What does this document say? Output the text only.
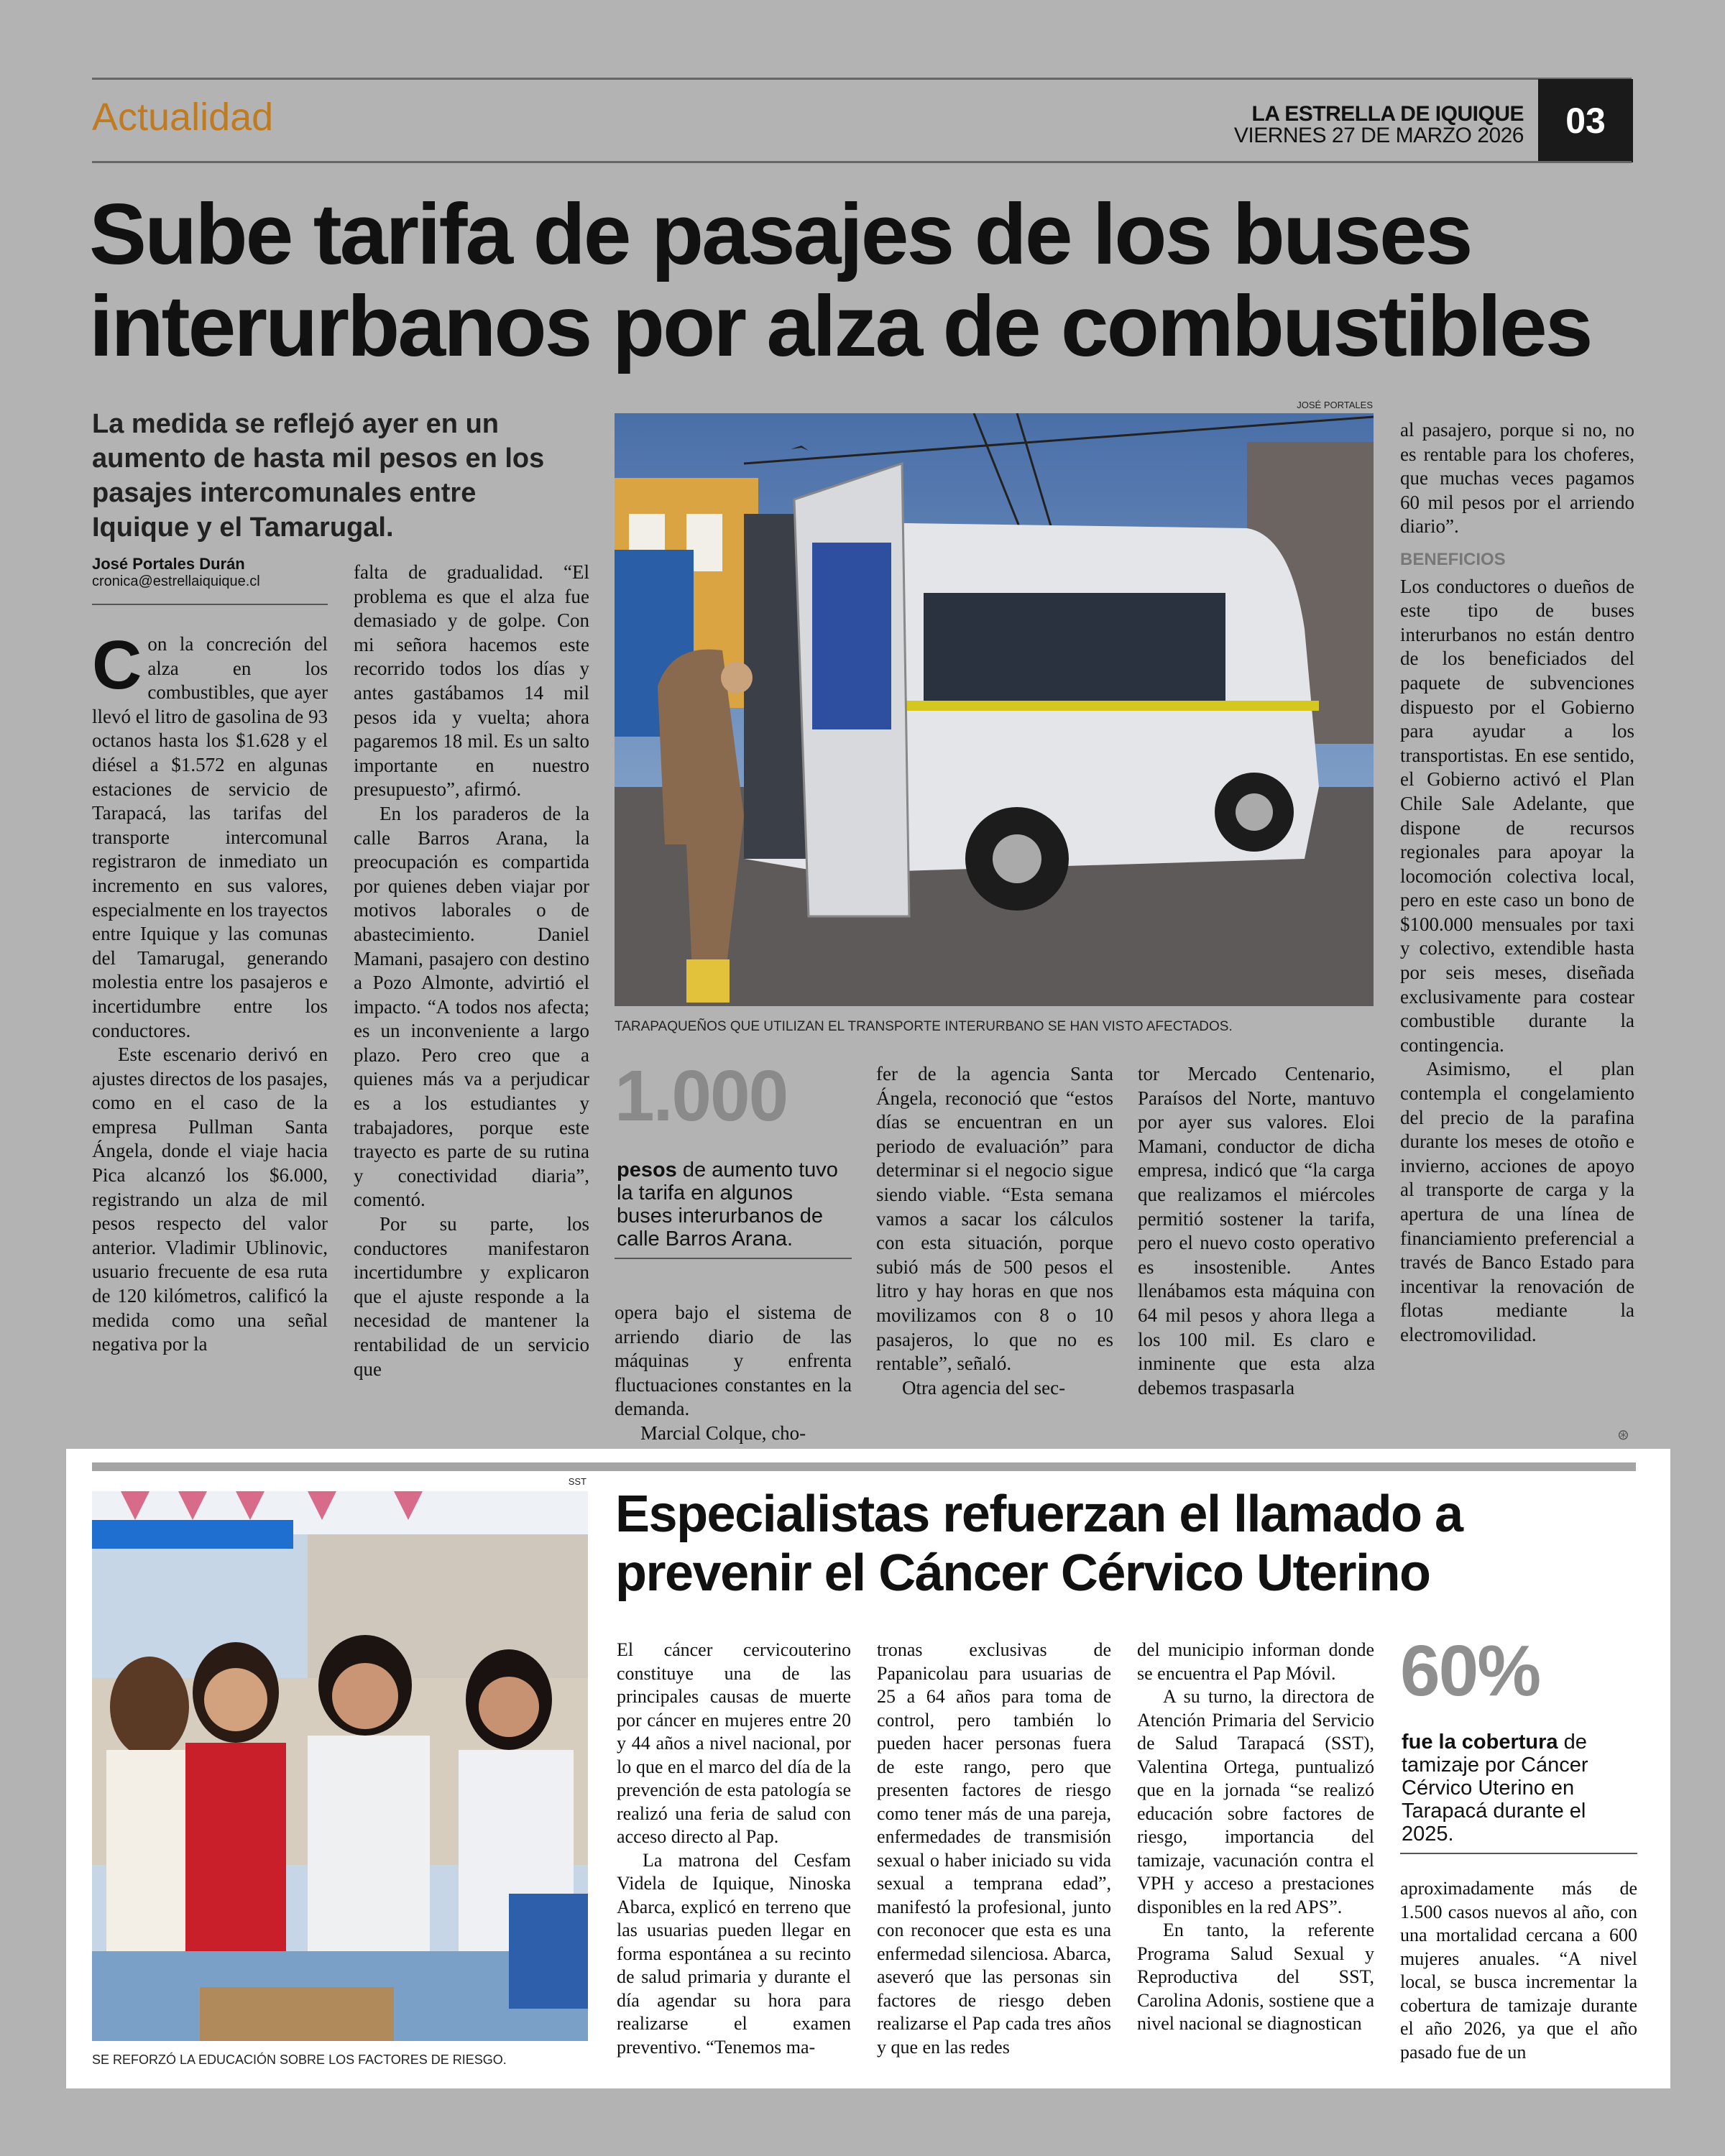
Actualidad	LA ESTRELLA DE IQUIQUE
VIERNES 27 DE MARZO 2026	03
Sube tarifa de pasajes de los buses
interurbanos por alza de combustibles
La medida se reflejó ayer en un aumento de hasta mil pesos en los pasajes intercomunales entre Iquique y el Tamarugal.
José Portales Durán
cronica@estrellaiquique.cl

Con la concreción del alza en los combustibles, que ayer llevó el litro de gasolina de 93 octanos hasta los $1.628 y el diésel a $1.572 en algunas estaciones de servicio de Tarapacá, las tarifas del transporte intercomunal registraron de inmediato un incremento en sus valores, especialmente en los trayectos entre Iquique y las comunas del Tamarugal, generando molestia entre los pasajeros e incertidumbre entre los conductores.

Este escenario derivó en ajustes directos de los pasajes, como en el caso de la empresa Pullman Santa Ángela, donde el viaje hacia Pica alcanzó los $6.000, registrando un alza de mil pesos respecto del valor anterior. Vladimir Ublinovic, usuario frecuente de esa ruta de 120 kilómetros, calificó la medida como una señal negativa por la

falta de gradualidad. “El problema es que el alza fue demasiado y de golpe. Con mi señora hacemos este recorrido todos los días y antes gastábamos 14 mil pesos ida y vuelta; ahora pagaremos 18 mil. Es un salto importante en nuestro presupuesto”, afirmó.

En los paraderos de la calle Barros Arana, la preocupación es compartida por quienes deben viajar por motivos laborales o de abastecimiento. Daniel Mamani, pasajero con destino a Pozo Almonte, advirtió el impacto. “A todos nos afecta; es un inconveniente a largo plazo. Pero creo que a quienes más va a perjudicar es a los estudiantes y trabajadores, porque este trayecto es parte de su rutina y conectividad diaria”, comentó.

Por su parte, los conductores manifestaron incertidumbre y explicaron que el ajuste responde a la necesidad de mantener la rentabilidad de un servicio que

JOSÉ PORTALES
TARAPAQUEÑOS QUE UTILIZAN EL TRANSPORTE INTERURBANO SE HAN VISTO AFECTADOS.
1.000
pesos de aumento tuvo la tarifa en algunos buses interurbanos de calle Barros Arana.

opera bajo el sistema de arriendo diario de las máquinas y enfrenta fluctuaciones constantes en la demanda.

Marcial Colque, cho-

fer de la agencia Santa Ángela, reconoció que “estos días se encuentran en un periodo de evaluación” para determinar si el negocio sigue siendo viable. “Esta semana vamos a sacar los cálculos con esta situación, porque subió más de 500 pesos el litro y hay horas en que nos movilizamos con 8 o 10 pasajeros, lo que no es rentable”, señaló.

Otra agencia del sec-

tor Mercado Centenario, Paraísos del Norte, mantuvo por ayer sus valores. Eloi Mamani, conductor de dicha empresa, indicó que “la carga que realizamos el miércoles permitió sostener la tarifa, pero el nuevo costo operativo es insostenible. Antes llenábamos esta máquina con 64 mil pesos y ahora llega a los 100 mil. Es claro e inminente que esta alza debemos traspasarla

al pasajero, porque si no, no es rentable para los choferes, que muchas veces pagamos 60 mil pesos por el arriendo diario”.

BENEFICIOS

Los conductores o dueños de este tipo de buses interurbanos no están dentro de los beneficiados del paquete de subvenciones dispuesto por el Gobierno para ayudar a los transportistas. En ese sentido, el Gobierno activó el Plan Chile Sale Adelante, que dispone de recursos regionales para apoyar la locomoción colectiva local, pero en este caso un bono de $100.000 mensuales por taxi y colectivo, extendible hasta por seis meses, diseñada exclusivamente para costear combustible durante la contingencia.

Asimismo, el plan contempla el congelamiento del precio de la parafina durante los meses de otoño e invierno, acciones de apoyo al transporte de carga y la apertura de una línea de financiamiento preferencial a través de Banco Estado para incentivar la renovación de flotas mediante la electromovilidad.

⊛
SST
SE REFORZÓ LA EDUCACIÓN SOBRE LOS FACTORES DE RIESGO.
Especialistas refuerzan el llamado a
prevenir el Cáncer Cérvico Uterino

El cáncer cervicouterino constituye una de las principales causas de muerte por cáncer en mujeres entre 20 y 44 años a nivel nacional, por lo que en el marco del día de la prevención de esta patología se realizó una feria de salud con acceso directo al Pap.

La matrona del Cesfam Videla de Iquique, Ninoska Abarca, explicó en terreno que las usuarias pueden llegar en forma espontánea a su recinto de salud primaria y durante el día agendar su hora para realizarse el examen preventivo. “Tenemos ma-

tronas exclusivas de Papanicolau para usuarias de 25 a 64 años para toma de control, pero también lo pueden hacer personas fuera de este rango, pero que presenten factores de riesgo como tener más de una pareja, enfermedades de transmisión sexual o haber iniciado su vida sexual a temprana edad”, manifestó la profesional, junto con reconocer que esta es una enfermedad silenciosa. Abarca, aseveró que las personas sin factores de riesgo deben realizarse el Pap cada tres años y que en las redes

del municipio informan donde se encuentra el Pap Móvil.

A su turno, la directora de Atención Primaria del Servicio de Salud Tarapacá (SST), Valentina Ortega, puntualizó que en la jornada “se realizó educación sobre factores de riesgo, importancia del tamizaje, vacunación contra el VPH y acceso a prestaciones disponibles en la red APS”.

En tanto, la referente Programa Salud Sexual y Reproductiva del SST, Carolina Adonis, sostiene que a nivel nacional se diagnostican

60%
fue la cobertura de tamizaje por Cáncer Cérvico Uterino en Tarapacá durante el 2025.

aproximadamente más de 1.500 casos nuevos al año, con una mortalidad cercana a 600 mujeres anuales. “A nivel local, se busca incrementar la cobertura de tamizaje durante el año 2026, ya que el año pasado fue de un
